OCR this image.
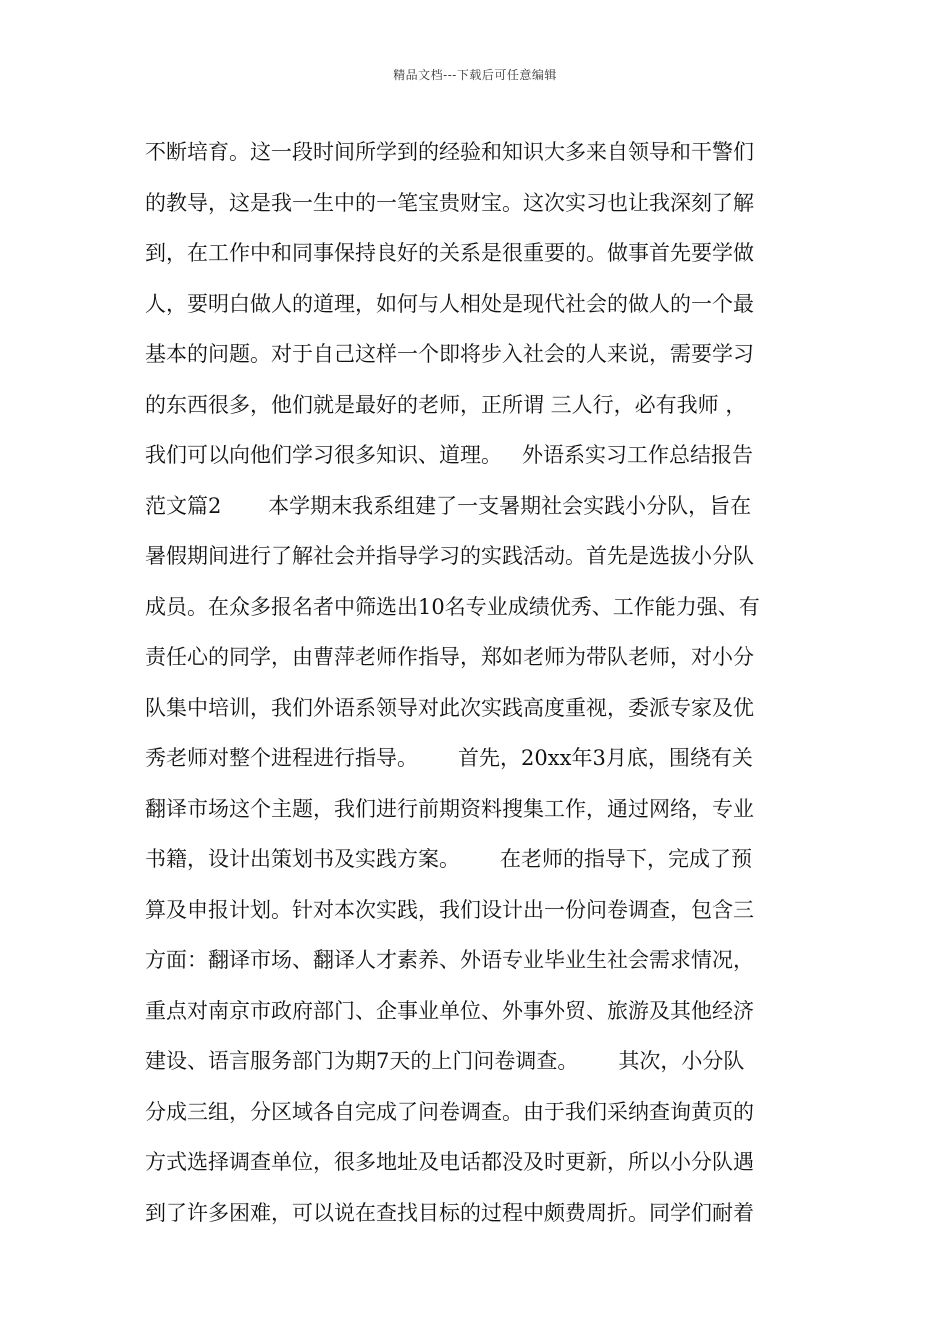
精品文档---下载后可任意编辑
不断培育。这一段时间所学到的经验和知识大多来自领导和干警们
的教导，这是我一生中的一笔宝贵财宝。这次实习也让我深刻了解
到，在工作中和同事保持良好的关系是很重要的。做事首先要学做
人，要明白做人的道理，如何与人相处是现代社会的做人的一个最
基本的问题。对于自己这样一个即将步入社会的人来说，需要学习
的东西很多，他们就是最好的老师，正所谓 三人行，必有我师 ，
我们可以向他们学习很多知识、道理。   外语系实习工作总结报告
范文篇2       本学期末我系组建了一支暑期社会实践小分队，旨在
暑假期间进行了解社会并指导学习的实践活动。首先是选拔小分队
成员。在众多报名者中筛选出10名专业成绩优秀、工作能力强、有
责任心的同学，由曹萍老师作指导，郑如老师为带队老师，对小分
队集中培训，我们外语系领导对此次实践高度重视，委派专家及优
秀老师对整个进程进行指导。      首先，20xx年3月底，围绕有关
翻译市场这个主题，我们进行前期资料搜集工作，通过网络，专业
书籍，设计出策划书及实践方案。      在老师的指导下，完成了预
算及申报计划。针对本次实践，我们设计出一份问卷调查，包含三
方面：翻译市场、翻译人才素养、外语专业毕业生社会需求情况，
重点对南京市政府部门、企事业单位、外事外贸、旅游及其他经济
建设、语言服务部门为期7天的上门问卷调查。      其次，小分队
分成三组，分区域各自完成了问卷调查。由于我们采纳查询黄页的
方式选择调查单位，很多地址及电话都没及时更新，所以小分队遇
到了许多困难，可以说在查找目标的过程中颇费周折。同学们耐着
